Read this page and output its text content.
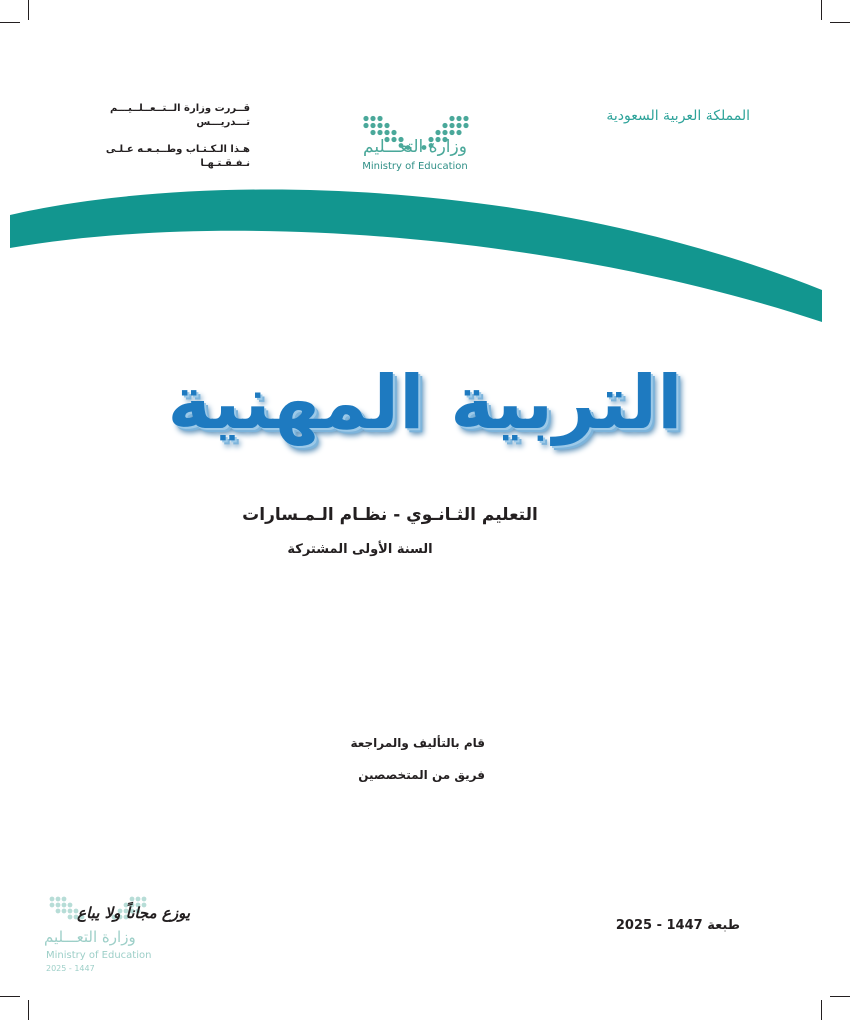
المملكة العربية السعودية
قــررت وزارة الــتــعــلــيـــم تـــدريـــس
هـذا الـكـتـاب وطــبـعـه عـلـى نـفـقـتـهـا
وزارة التعـــليم
Ministry of Education
التربية المهنية
التعليم الثـانـوي - نظـام الـمـسارات
السنة الأولى المشتركة
قام بالتأليف والمراجعة
فريق من المتخصصين
طبعة 1447 - 2025
يوزع مجاناً ولا يباع
وزارة التعـــليم
Ministry of Education
2025 - 1447
